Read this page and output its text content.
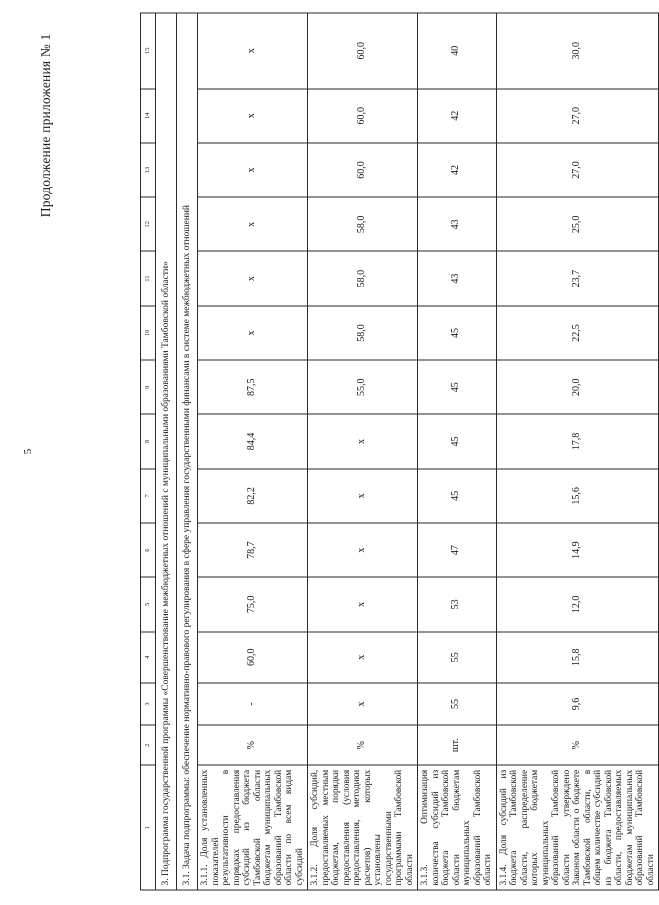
5
Продолжение приложения № 1
1	2	3	4	5	6	7	8	9	10	11	12	13	14	15
3. Подпрограмма государственной программы «Совершенствование межбюджетных отношений с муниципальными образованиями Тамбовской области»														
3.1. Задача подпрограммы: обеспечение нормативно-правового регулирования в сфере управления государственными финансами в системе межбюджетных отношений														
3.1.1. Доля установленных показателей результативности в порядках предоставления субсидий из бюджета Тамбовской области бюджетам муниципальных образований Тамбовской области по всем видам субсидий	%	-	60,0	75,0	78,7	82,2	84,4	87,5	х	х	х	х	х	х
3.1.2. Доля субсидий, предоставляемых местным бюджетам, порядки предоставления (условия предоставления, методики расчетов) которых установлены государственными программами Тамбовской области	%	х	х	х	х	х	х	55,0	58,0	58,0	58,0	60,0	60,0	60,0
3.1.3. Оптимизация количества субсидий из бюджета Тамбовской области бюджетам муниципальных образований Тамбовской области	шт.	55	55	53	47	45	45	45	45	43	43	42	42	40
3.1.4. Доля субсидий из бюджета Тамбовской области, распределение которых бюджетам муниципальных образований Тамбовской области утверждено Законом области о бюджете Тамбовской области, в общем количестве субсидий из бюджета Тамбовской области, предоставляемых бюджетам муниципальных образований Тамбовской области	%	9,6	15,8	12,0	14,9	15,6	17,8	20,0	22,5	23,7	25,0	27,0	27,0	30,0
